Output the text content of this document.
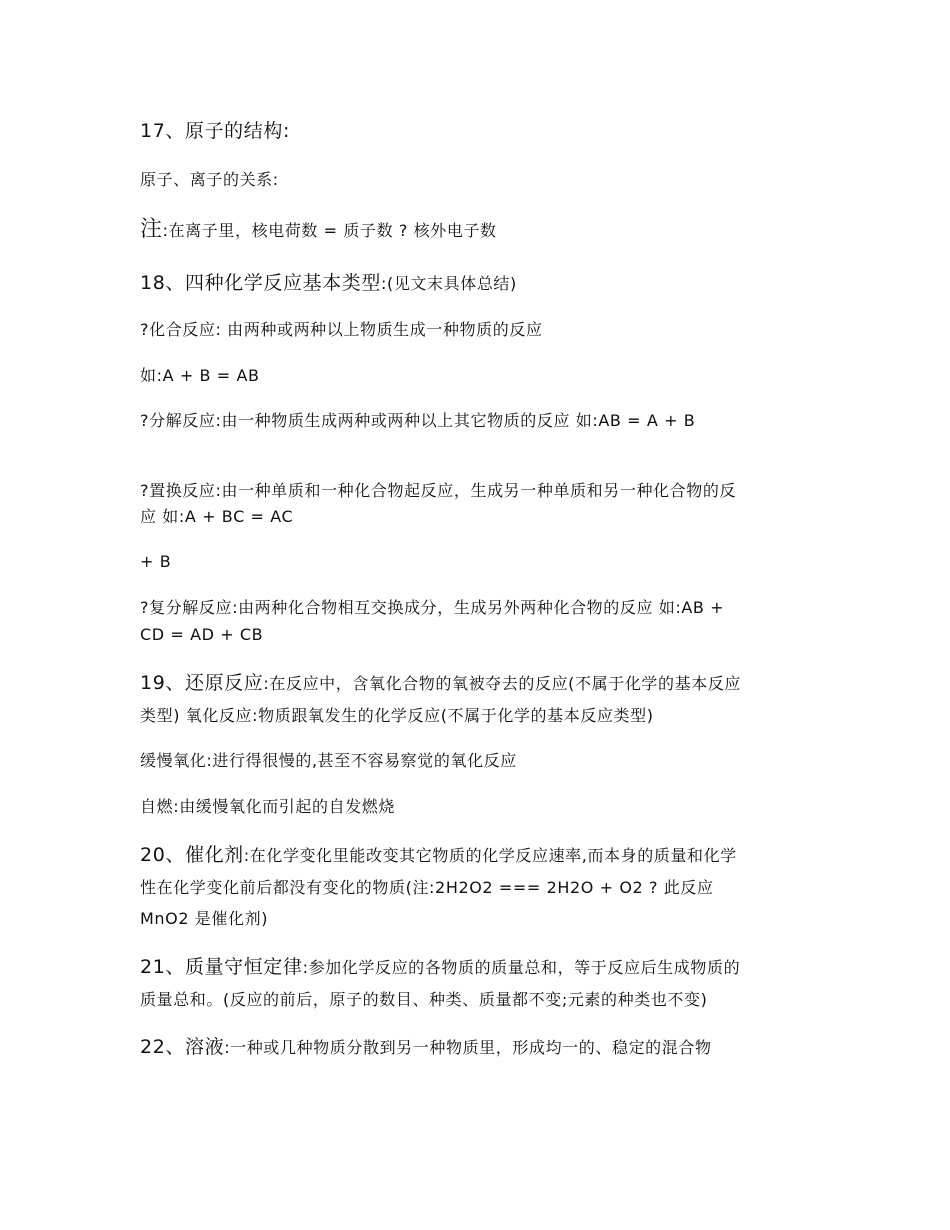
17、原子的结构:
原子、离子的关系:
注:在离子里，核电荷数 = 质子数 ? 核外电子数
18、四种化学反应基本类型:(见文末具体总结)
?化合反应: 由两种或两种以上物质生成一种物质的反应
如:A + B = AB
?分解反应:由一种物质生成两种或两种以上其它物质的反应 如:AB = A + B
?置换反应:由一种单质和一种化合物起反应，生成另一种单质和另一种化合物的反
应 如:A + BC = AC
+ B
?复分解反应:由两种化合物相互交换成分，生成另外两种化合物的反应 如:AB +
CD = AD + CB
19、还原反应:在反应中，含氧化合物的氧被夺去的反应(不属于化学的基本反应
类型) 氧化反应:物质跟氧发生的化学反应(不属于化学的基本反应类型)
缓慢氧化:进行得很慢的,甚至不容易察觉的氧化反应
自燃:由缓慢氧化而引起的自发燃烧
20、催化剂:在化学变化里能改变其它物质的化学反应速率,而本身的质量和化学
性在化学变化前后都没有变化的物质(注:2H2O2 === 2H2O + O2 ? 此反应
MnO2 是催化剂)
21、质量守恒定律:参加化学反应的各物质的质量总和，等于反应后生成物质的
质量总和。(反应的前后，原子的数目、种类、质量都不变;元素的种类也不变)
22、溶液:一种或几种物质分散到另一种物质里，形成均一的、稳定的混合物
